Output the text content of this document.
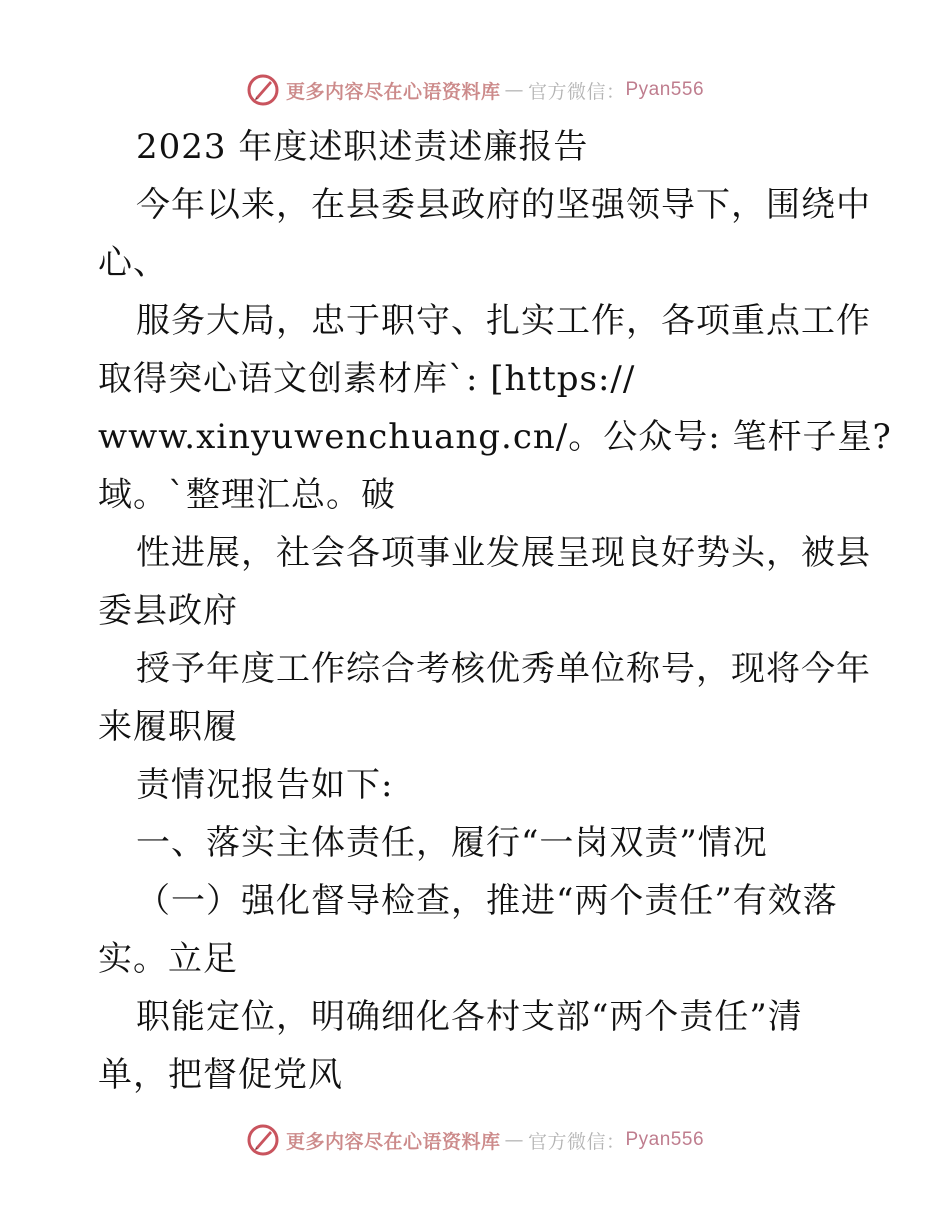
更多内容尽在心语资料库 — 官方微信： Pyan556
2023 年度述职述责述廉报告
今年以来，在县委县政府的坚强领导下，围绕中
心、
服务大局，忠于职守、扎实工作，各项重点工作
取得突心语文创素材库`: [https://
www.xinyuwenchuang.cn/。公众号: 笔杆子星?
域。`整理汇总。破
性进展，社会各项事业发展呈现良好势头，被县
委县政府
授予年度工作综合考核优秀单位称号，现将今年
来履职履
责情况报告如下:
一、落实主体责任，履行“一岗双责”情况
（一）强化督导检查，推进“两个责任”有效落
实。立足
职能定位，明确细化各村支部“两个责任”清
单，把督促党风
更多内容尽在心语资料库 — 官方微信： Pyan556
